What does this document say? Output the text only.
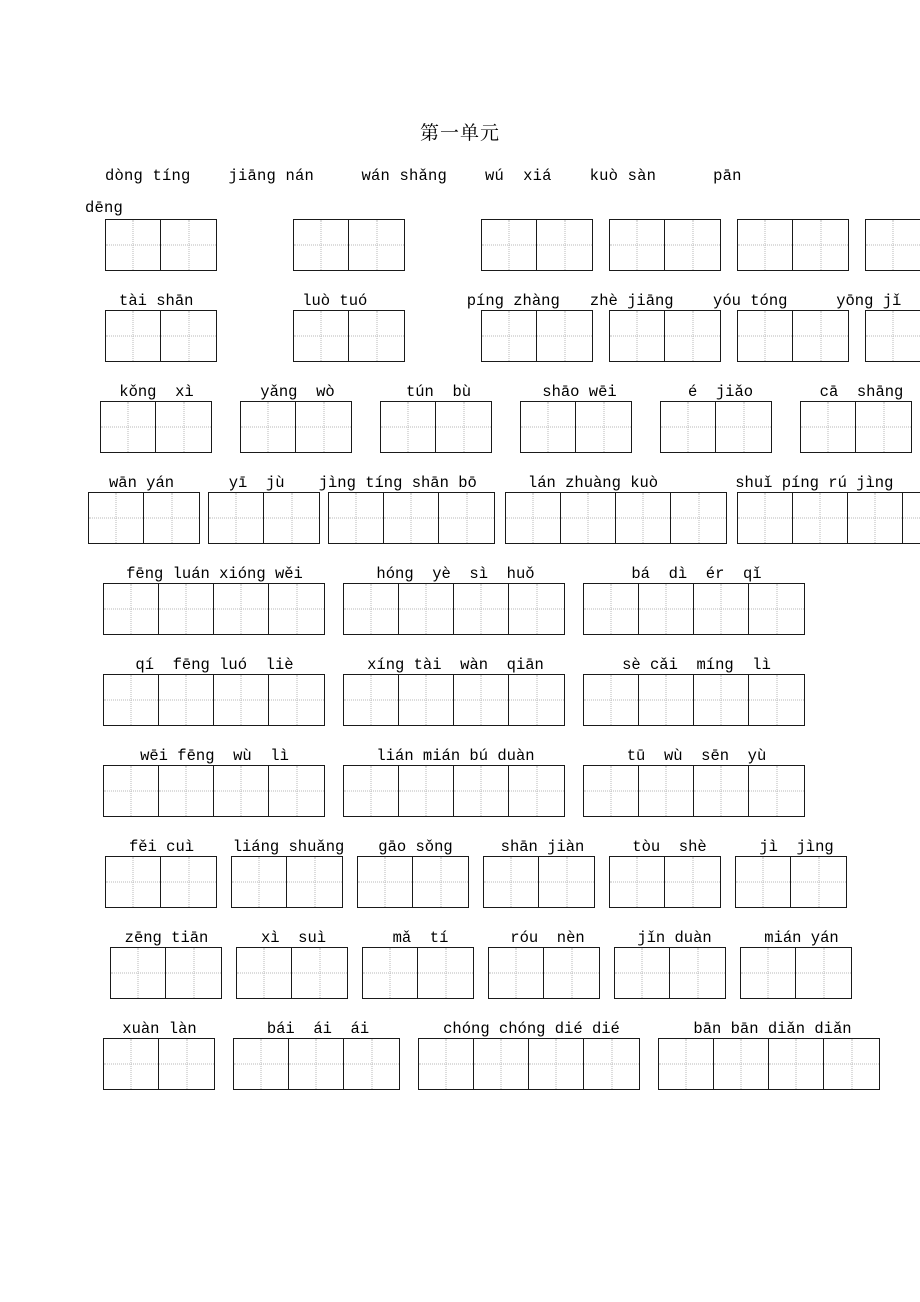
第一单元
dòng tíng    jiāng nán     wán shǎng    wú  xiá    kuò sàn      pān
dēng
tài shān	luò tuó	píng zhàng	zhè jiāng	yóu tóng	yōng jǐ
kǒng  xì	yǎng  wò	tún  bù	shāo wēi	é  jiǎo	cā  shāng
wān yán	yī  jù	jìng tíng shān bō	lán zhuàng kuò	shuǐ píng rú jìng
fēng luán xióng wěi	hóng  yè  sì  huǒ	bá  dì  ér  qǐ
qí  fēng luó  liè	xíng tài  wàn  qiān	sè cǎi  míng  lì
wēi fēng  wù  lì	lián mián bú duàn	tū  wù  sēn  yù
fěi cuì	liáng shuǎng	gāo sǒng	shān jiàn	tòu  shè	jì  jìng
zēng tiān	xì  suì	mǎ  tí	róu  nèn	jǐn duàn	mián yán
xuàn làn	bái  ái  ái	chóng chóng dié dié	bān bān diǎn diǎn
